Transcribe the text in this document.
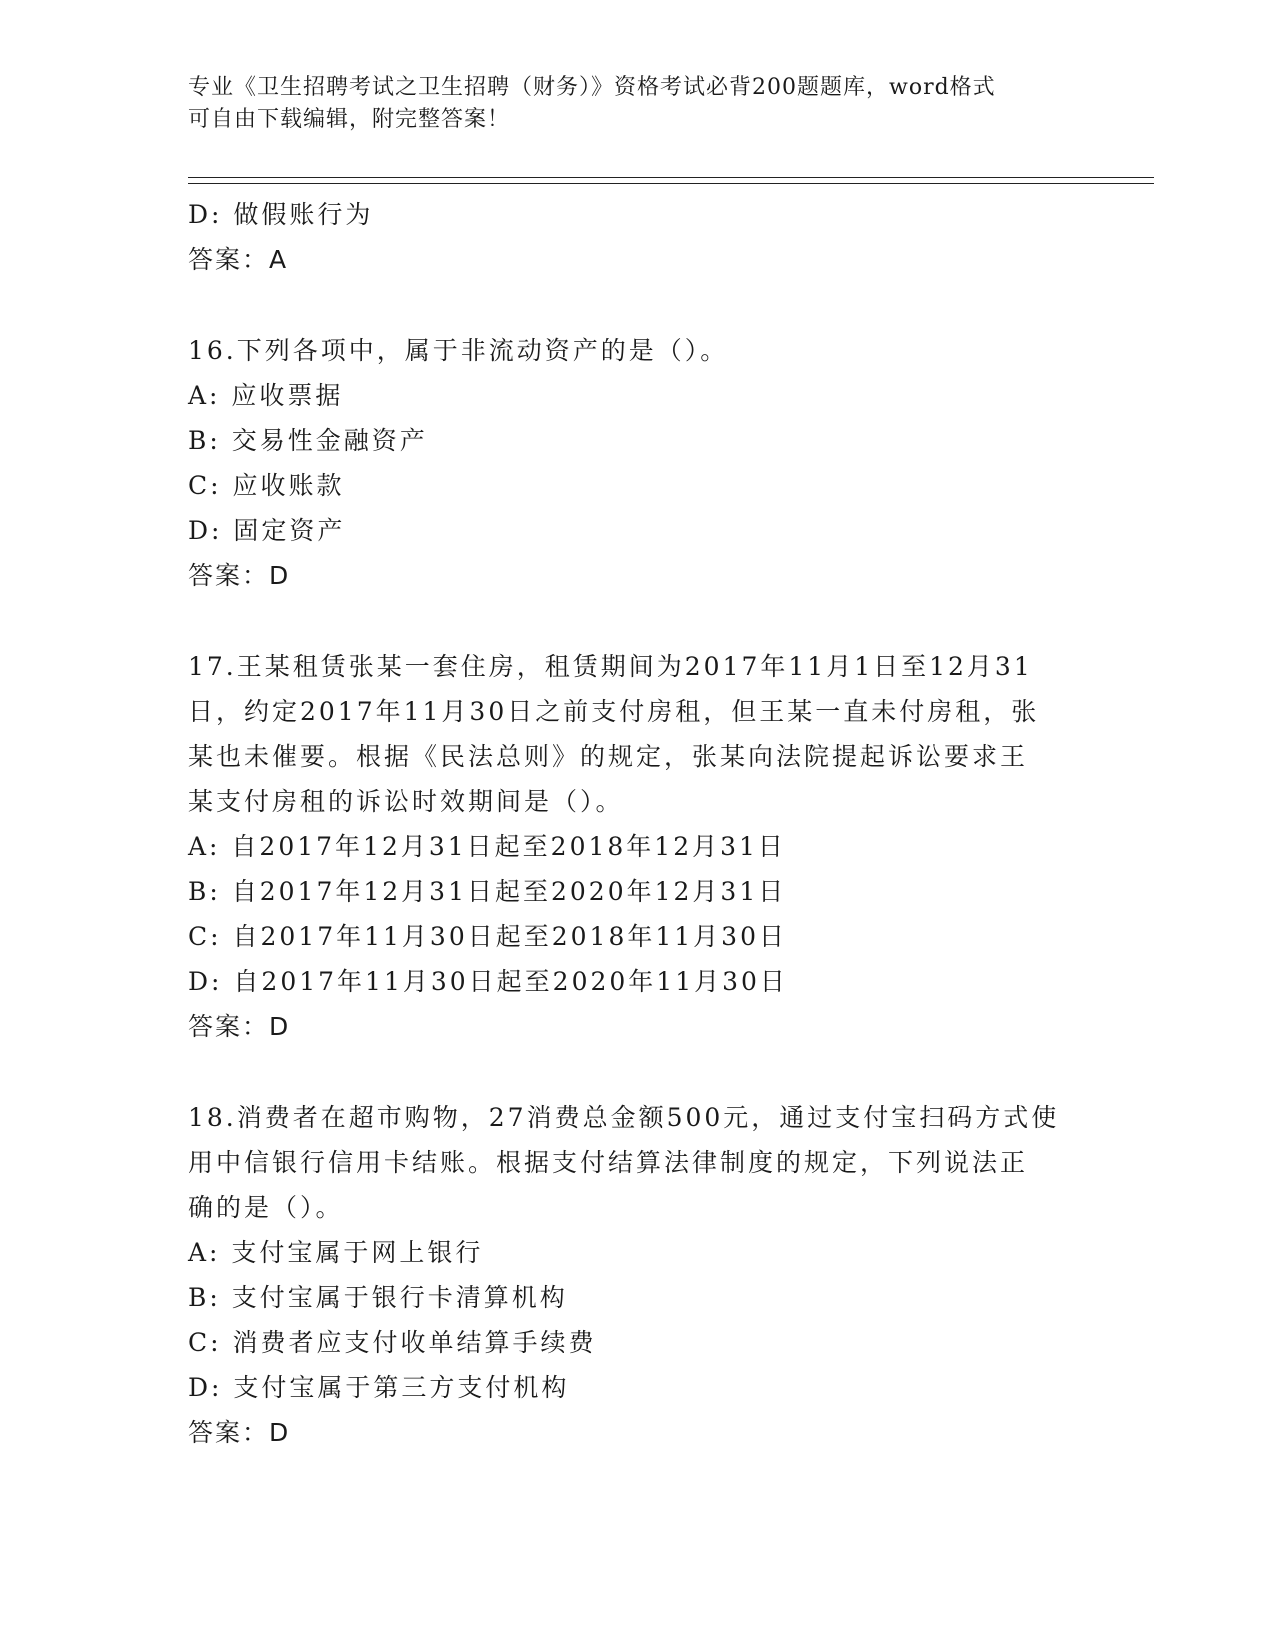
专业《卫生招聘考试之卫生招聘（财务）》资格考试必背200题题库，word格式
可自由下载编辑，附完整答案！
D: 做假账行为
答案：A
16.下列各项中，属于非流动资产的是（）。
A: 应收票据
B: 交易性金融资产
C: 应收账款
D: 固定资产
答案：D
17.王某租赁张某一套住房，租赁期间为2017年11月1日至12月31
日，约定2017年11月30日之前支付房租，但王某一直未付房租，张
某也未催要。根据《民法总则》的规定，张某向法院提起诉讼要求王
某支付房租的诉讼时效期间是（）。
A: 自2017年12月31日起至2018年12月31日
B: 自2017年12月31日起至2020年12月31日
C: 自2017年11月30日起至2018年11月30日
D: 自2017年11月30日起至2020年11月30日
答案：D
18.消费者在超市购物，27消费总金额500元，通过支付宝扫码方式使
用中信银行信用卡结账。根据支付结算法律制度的规定，下列说法正
确的是（）。
A: 支付宝属于网上银行
B: 支付宝属于银行卡清算机构
C: 消费者应支付收单结算手续费
D: 支付宝属于第三方支付机构
答案：D
